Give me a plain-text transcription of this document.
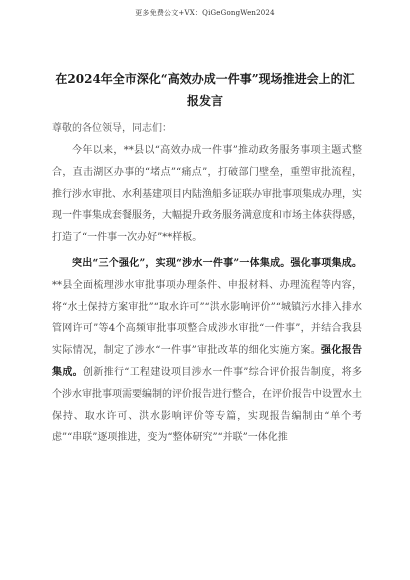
更多免费公文+VX：QiGeGongWen2024
在2024年全市深化“高效办成一件事”现场推进会上的汇报发言
尊敬的各位领导，同志们：

今年以来，**县以“高效办成一件事”推动政务服务事项主题式整合，直击湖区办事的“堵点”“痛点”，打破部门壁垒，重塑审批流程，推行涉水审批、水利基建项目内陆渔船多证联办审批事项集成办理，实现一件事集成套餐服务，大幅提升政务服务满意度和市场主体获得感，打造了“一件事一次办好”**样板。

突出“三个强化”，实现“涉水一件事”一体集成。强化事项集成。**县全面梳理涉水审批事项办理条件、申报材料、办理流程等内容，将“水土保持方案审批”“取水许可”“洪水影响评价”“城镇污水排入排水管网许可”等4个高频审批事项整合成涉水审批“一件事”，并结合我县实际情况，制定了涉水“一件事”审批改革的细化实施方案。强化报告集成。创新推行“工程建设项目涉水一件事”综合评价报告制度，将多个涉水审批事项需要编制的评价报告进行整合，在评价报告中设置水土保持、取水许可、洪水影响评价等专篇，实现报告编制由“单个考虑”“串联”逐项推进，变为“整体研究”“并联”一体化推
